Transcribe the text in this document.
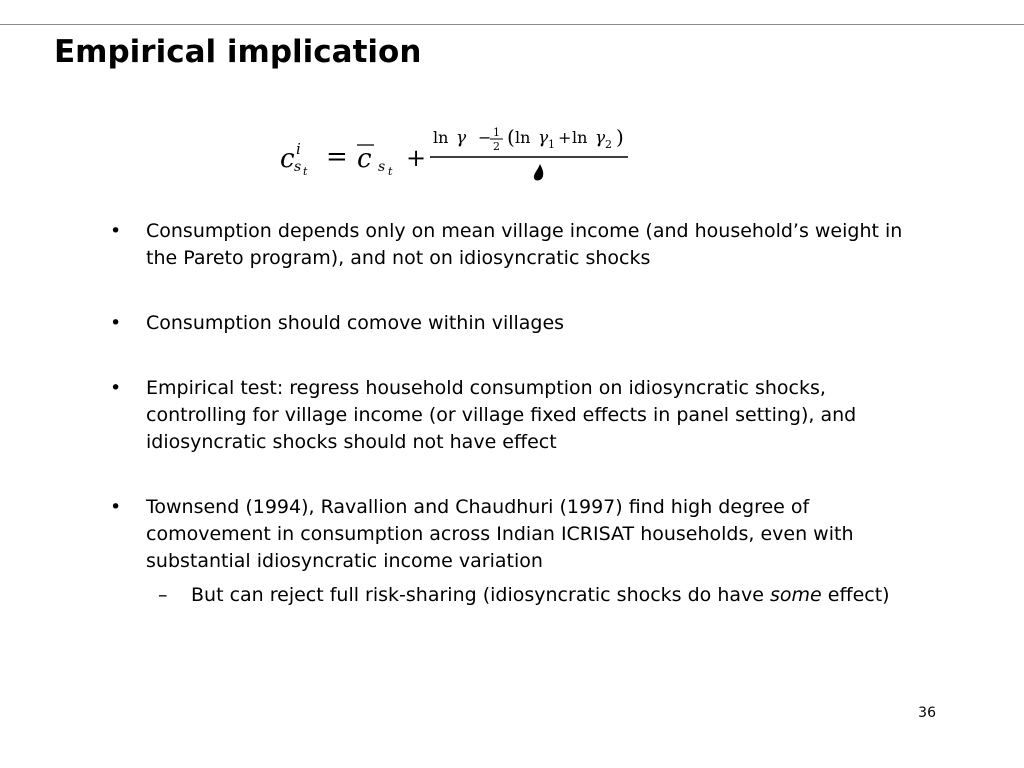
Empirical implication
c i
s t = c s t +
ln γ − 1
2 ( ln γ 1 + ln γ 2 )
•	Consumption depends only on mean village income (and household’s weight in the Pareto program), and not on idiosyncratic shocks
•	Consumption should comove within villages
•	Empirical test: regress household consumption on idiosyncratic shocks, controlling for village income (or village fixed effects in panel setting), and idiosyncratic shocks should not have effect
•	Townsend (1994), Ravallion and Chaudhuri (1997) find high degree of comovement in consumption across Indian ICRISAT households, even with substantial idiosyncratic income variation
– But can reject full risk-sharing (idiosyncratic shocks do have some effect)
36
